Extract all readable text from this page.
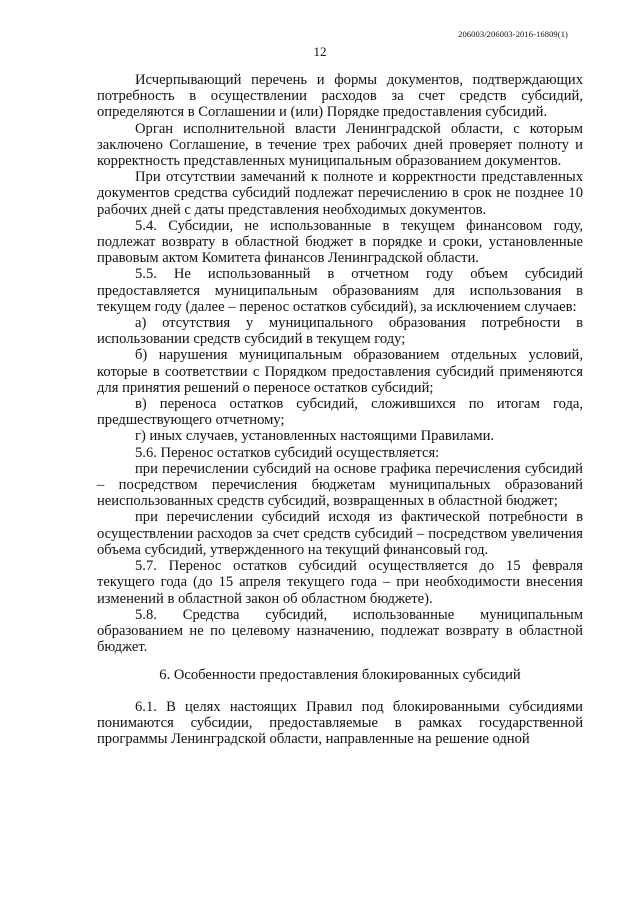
206003/206003-2016-16809(1)
12

Исчерпывающий перечень и формы документов, подтверждающих потребность в осуществлении расходов за счет средств субсидий, определяются в Соглашении и (или) Порядке предоставления субсидий.

Орган исполнительной власти Ленинградской области, с которым заключено Соглашение, в течение трех рабочих дней проверяет полноту и корректность представленных муниципальным образованием документов.

При отсутствии замечаний к полноте и корректности представленных документов средства субсидий подлежат перечислению в срок не позднее 10 рабочих дней с даты представления необходимых документов.

5.4. Субсидии, не использованные в текущем финансовом году, подлежат возврату в областной бюджет в порядке и сроки, установленные правовым актом Комитета финансов Ленинградской области.

5.5. Не использованный в отчетном году объем субсидий предоставляется муниципальным образованиям для использования в текущем году (далее – перенос остатков субсидий), за исключением случаев:

а) отсутствия у муниципального образования потребности в использовании средств субсидий в текущем году;

б) нарушения муниципальным образованием отдельных условий, которые в соответствии с Порядком предоставления субсидий применяются для принятия решений о переносе остатков субсидий;

в) переноса остатков субсидий, сложившихся по итогам года, предшествующего отчетному;

г) иных случаев, установленных настоящими Правилами.

5.6. Перенос остатков субсидий осуществляется:

при перечислении субсидий на основе графика перечисления субсидий – посредством перечисления бюджетам муниципальных образований неиспользованных средств субсидий, возвращенных в областной бюджет;

при перечислении субсидий исходя из фактической потребности в осуществлении расходов за счет средств субсидий – посредством увеличения объема субсидий, утвержденного на текущий финансовый год.

5.7. Перенос остатков субсидий осуществляется до 15 февраля текущего года (до 15 апреля текущего года – при необходимости внесения изменений в областной закон об областном бюджете).

5.8. Средства субсидий, использованные муниципальным образованием не по целевому назначению, подлежат возврату в областной бюджет.

6. Особенности предоставления блокированных субсидий

6.1. В целях настоящих Правил под блокированными субсидиями понимаются субсидии, предоставляемые в рамках государственной программы Ленинградской области, направленные на решение одной
